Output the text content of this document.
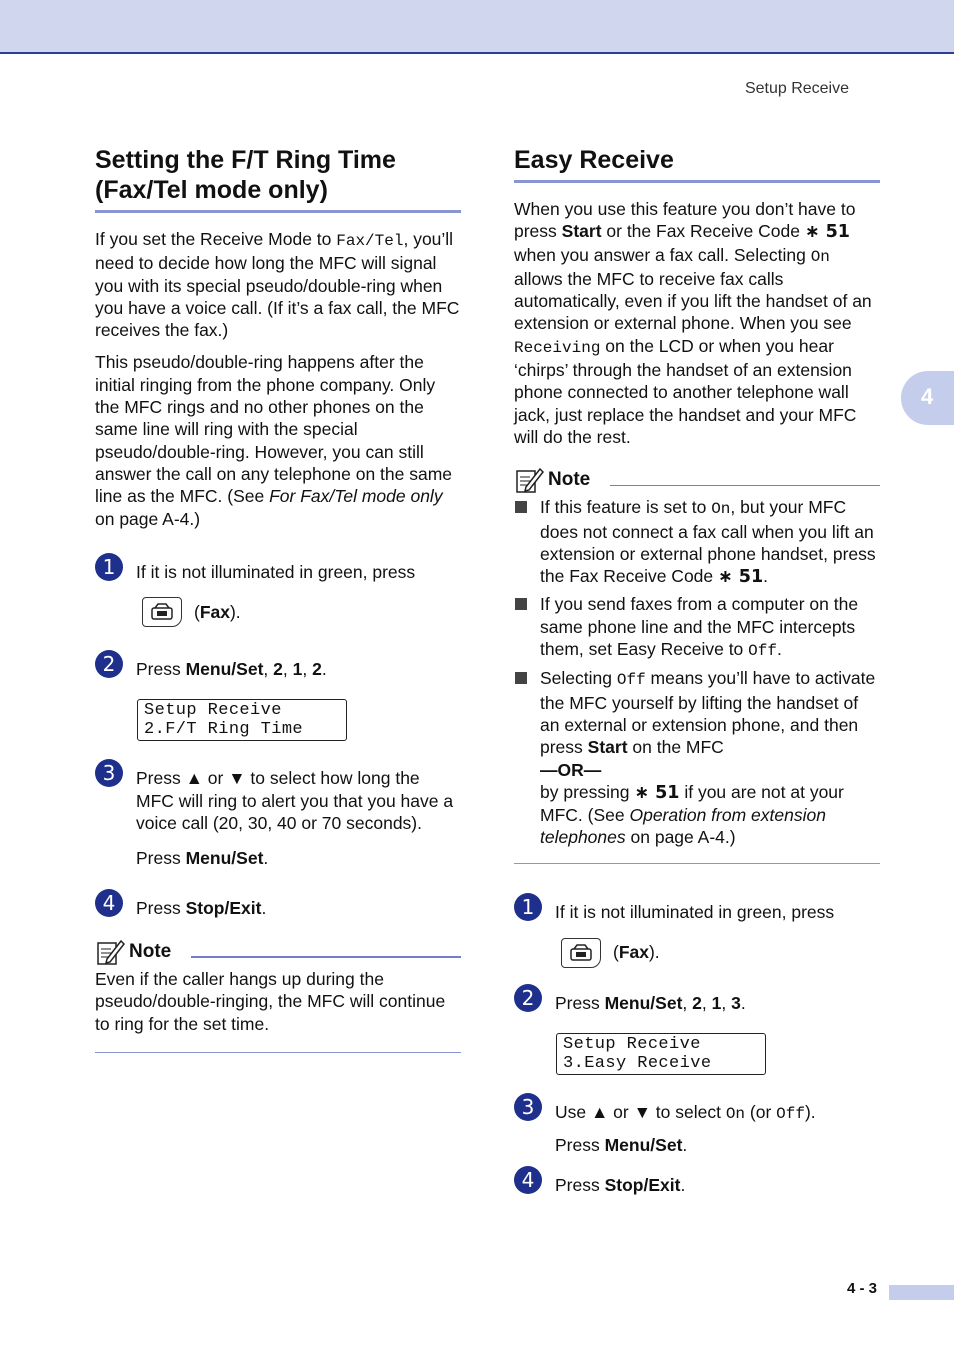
Setup Receive
4
Setting the F/T Ring Time
(Fax/Tel mode only)

If you set the Receive Mode to Fax/Tel, you’ll need to decide how long the MFC will signal you with its special pseudo/double-ring when you have a voice call. (If it’s a fax call, the MFC receives the fax.)

This pseudo/double-ring happens after the initial ringing from the phone company. Only the MFC rings and no other phones on the same line will ring with the special pseudo/double-ring. However, you can still answer the call on any telephone on the same line as the MFC. (See For Fax/Tel mode only on page A-4.)

1	If it is not illuminated in green, press
( Fax ).
2	Press Menu/Set, 2, 1, 2.
Setup Receive
2.F/T Ring Time
3	Press ▲ or ▼ to select how long the MFC will ring to alert you that you have a voice call (20, 30, 40 or 70 seconds).
Press Menu/Set.
4	Press Stop/Exit.
Note

Even if the caller hangs up during the pseudo/double-ringing, the MFC will continue to ring for the set time.

Easy Receive

When you use this feature you don’t have to press Start or the Fax Receive Code ∗ 51 when you answer a fax call. Selecting On allows the MFC to receive fax calls automatically, even if you lift the handset of an extension or external phone. When you see Receiving on the LCD or when you hear ‘chirps’ through the handset of an extension phone connected to another telephone wall jack, just replace the handset and your MFC will do the rest.

Note
If this feature is set to On, but your MFC does not connect a fax call when you lift an extension or external phone handset, press the Fax Receive Code ∗ 51.
If you send faxes from a computer on the same phone line and the MFC intercepts them, set Easy Receive to Off.
Selecting Off means you’ll have to activate the MFC yourself by lifting the handset of an external or extension phone, and then press Start on the MFC
—OR—
by pressing ∗ 51 if you are not at your MFC. (See Operation from extension telephones on page A-4.)
1	If it is not illuminated in green, press
( Fax ).
2	Press Menu/Set, 2, 1, 3.
Setup Receive
3.Easy Receive
3	Use ▲ or ▼ to select On (or Off).
Press Menu/Set.
4	Press Stop/Exit.
4 - 3
